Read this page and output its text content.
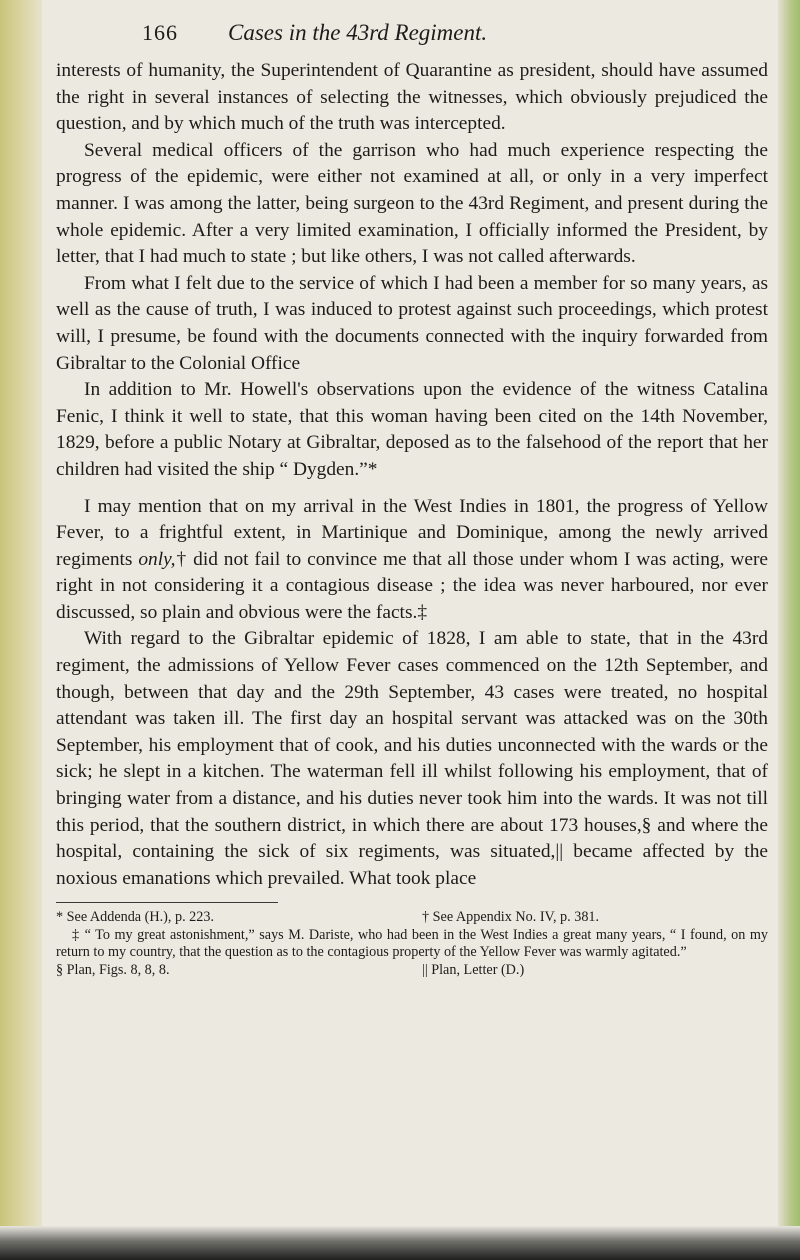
166 Cases in the 43rd Regiment.

interests of humanity, the Superintendent of Quarantine as president, should have assumed the right in several instances of selecting the witnesses, which obviously prejudiced the question, and by which much of the truth was intercepted.

Several medical officers of the garrison who had much experience respecting the progress of the epidemic, were either not examined at all, or only in a very imperfect manner. I was among the latter, being surgeon to the 43rd Regiment, and present during the whole epidemic. After a very limited examination, I officially informed the President, by letter, that I had much to state ; but like others, I was not called afterwards.

From what I felt due to the service of which I had been a member for so many years, as well as the cause of truth, I was induced to protest against such proceedings, which protest will, I presume, be found with the documents connected with the inquiry forwarded from Gibraltar to the Colonial Office

In addition to Mr. Howell's observations upon the evidence of the witness Catalina Fenic, I think it well to state, that this woman having been cited on the 14th November, 1829, before a public Notary at Gibraltar, deposed as to the falsehood of the report that her children had visited the ship “ Dygden.”*

I may mention that on my arrival in the West Indies in 1801, the progress of Yellow Fever, to a frightful extent, in Martinique and Dominique, among the newly arrived regiments only,† did not fail to convince me that all those under whom I was acting, were right in not considering it a contagious disease ; the idea was never harboured, nor ever discussed, so plain and obvious were the facts.‡

With regard to the Gibraltar epidemic of 1828, I am able to state, that in the 43rd regiment, the admissions of Yellow Fever cases commenced on the 12th September, and though, between that day and the 29th September, 43 cases were treated, no hospital attendant was taken ill. The first day an hospital servant was attacked was on the 30th September, his employment that of cook, and his duties unconnected with the wards or the sick; he slept in a kitchen. The waterman fell ill whilst following his employment, that of bringing water from a distance, and his duties never took him into the wards. It was not till this period, that the southern district, in which there are about 173 houses,§ and where the hospital, containing the sick of six regiments, was situated,|| became affected by the noxious emanations which prevailed. What took place

* See Addenda (H.), p. 223.	† See Appendix No. IV, p. 381.

‡ “ To my great astonishment,” says M. Dariste, who had been in the West Indies a great many years, “ I found, on my return to my country, that the question as to the contagious property of the Yellow Fever was warmly agitated.”

§ Plan, Figs. 8, 8, 8.	|| Plan, Letter (D.)
